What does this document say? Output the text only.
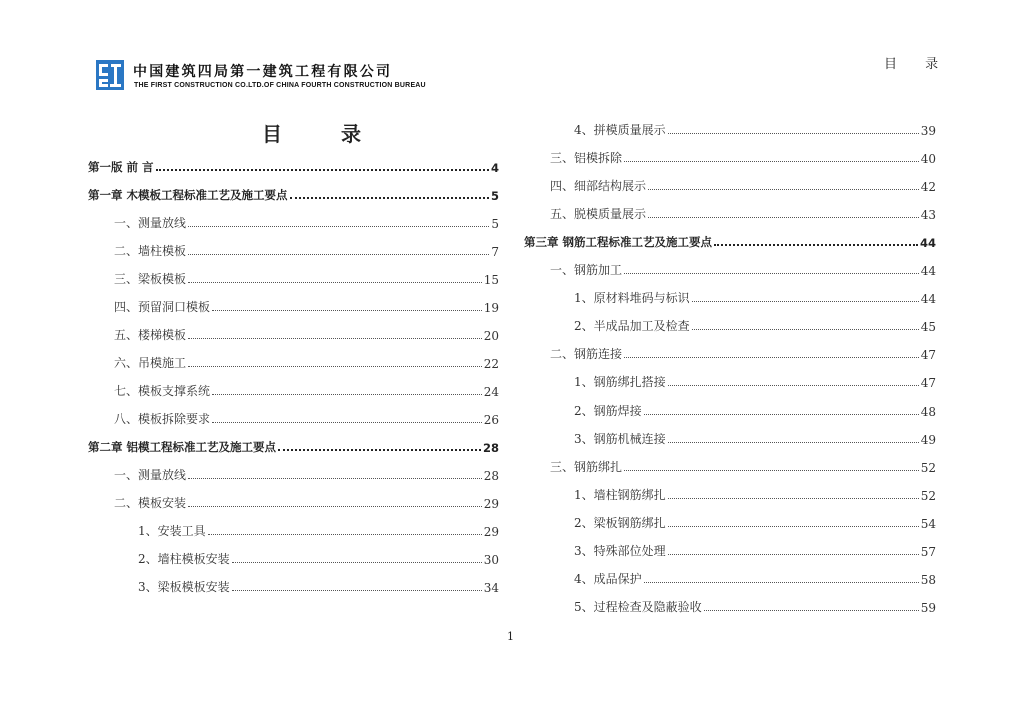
中国建筑四局第一建筑工程有限公司
THE FIRST CONSTRUCTION CO.LTD.OF CHINA FOURTH CONSTRUCTION BUREAU
目 录
目 录
第一版 前 言	4
第一章 木模板工程标准工艺及施工要点	5
一、测量放线	5
二、墙柱模板	7
三、梁板模板	15
四、预留洞口模板	19
五、楼梯模板	20
六、吊模施工	22
七、模板支撑系统	24
八、模板拆除要求	26
第二章 铝模工程标准工艺及施工要点	28
一、测量放线	28
二、模板安装	29
1、安装工具	29
2、墙柱模板安装	30
3、梁板模板安装	34
4、拼模质量展示	39
三、铝模拆除	40
四、细部结构展示	42
五、脱模质量展示	43
第三章 钢筋工程标准工艺及施工要点	44
一、钢筋加工	44
1、原材料堆码与标识	44
2、半成品加工及检查	45
二、钢筋连接	47
1、钢筋绑扎搭接	47
2、钢筋焊接	48
3、钢筋机械连接	49
三、钢筋绑扎	52
1、墙柱钢筋绑扎	52
2、梁板钢筋绑扎	54
3、特殊部位处理	57
4、成品保护	58
5、过程检查及隐蔽验收	59
1
